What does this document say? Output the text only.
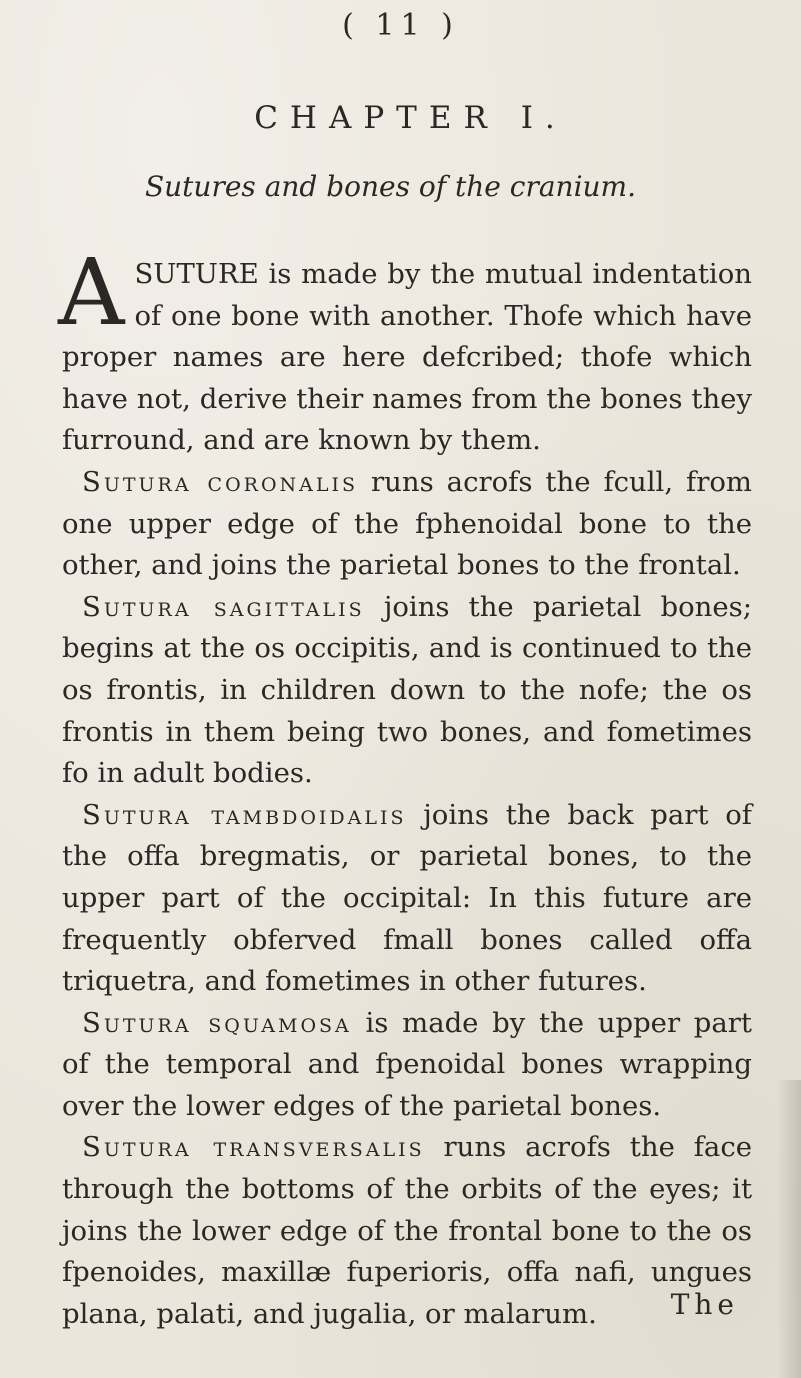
( 11 )
CHAPTER I.
Sutures and bones of the cranium.

ASUTURE is made by the mutual indentation of one bone with another. Thofe which have proper names are here defcribed; thofe which have not, derive their names from the bones they furround, and are known by them.

Sutura coronalis runs acrofs the fcull, from one upper edge of the fphenoidal bone to the other, and joins the parietal bones to the frontal.

Sutura sagittalis joins the parietal bones; begins at the os occipitis, and is continued to the os frontis, in children down to the nofe; the os frontis in them being two bones, and fometimes fo in adult bodies.

Sutura tambdoidalis joins the back part of the offa bregmatis, or parietal bones, to the upper part of the occipital: In this future are frequently obferved fmall bones called offa triquetra, and fometimes in other futures.

Sutura squamosa is made by the upper part of the temporal and fpenoidal bones wrapping over the lower edges of the parietal bones.

Sutura transversalis runs acrofs the face through the bottoms of the orbits of the eyes; it joins the lower edge of the frontal bone to the os fpenoides, maxillæ fuperioris, offa nafi, ungues plana, palati, and jugalia, or malarum.	The
